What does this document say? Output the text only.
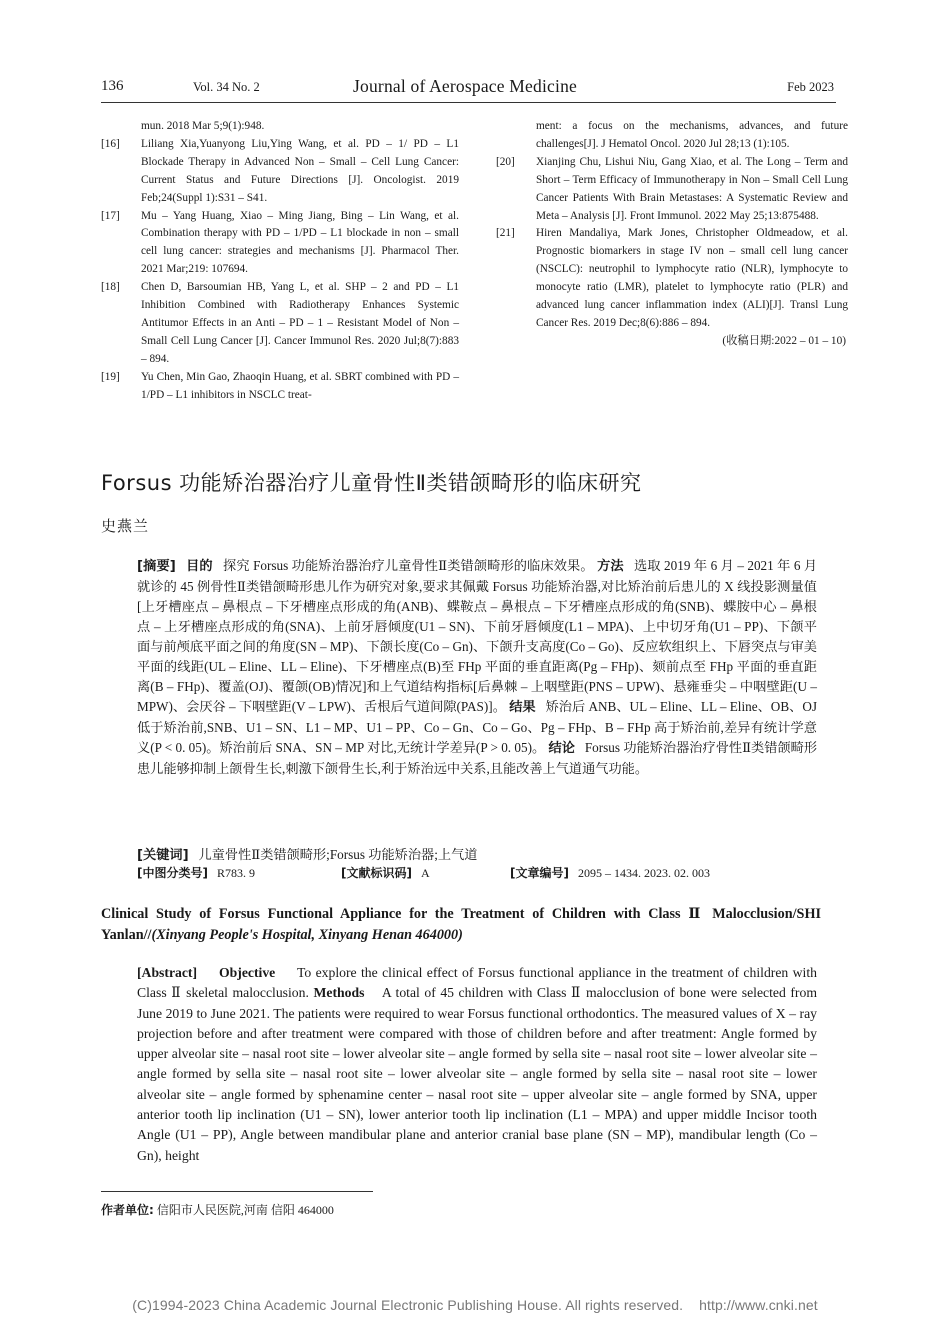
136	Vol. 34 No. 2	Journal of Aerospace Medicine	Feb 2023
mun. 2018 Mar 5;9(1):948.
[16] Liliang Xia,Yuanyong Liu,Ying Wang, et al. PD – 1/ PD – L1 Blockade Therapy in Advanced Non – Small – Cell Lung Cancer: Current Status and Future Directions [J]. Oncologist. 2019 Feb;24(Suppl 1):S31 – S41.
[17] Mu – Yang Huang, Xiao – Ming Jiang, Bing – Lin Wang, et al. Combination therapy with PD – 1/PD – L1 blockade in non – small cell lung cancer: strategies and mechanisms [J]. Pharmacol Ther. 2021 Mar;219: 107694.
[18] Chen D, Barsoumian HB, Yang L, et al. SHP – 2 and PD – L1 Inhibition Combined with Radiotherapy Enhances Systemic Antitumor Effects in an Anti – PD – 1 – Resistant Model of Non – Small Cell Lung Cancer [J]. Cancer Immunol Res. 2020 Jul;8(7):883 – 894.
[19] Yu Chen, Min Gao, Zhaoqin Huang, et al. SBRT combined with PD – 1/PD – L1 inhibitors in NSCLC treat-
ment: a focus on the mechanisms, advances, and future challenges[J]. J Hematol Oncol. 2020 Jul 28;13 (1):105.
[20] Xianjing Chu, Lishui Niu, Gang Xiao, et al. The Long – Term and Short – Term Efficacy of Immunotherapy in Non – Small Cell Lung Cancer Patients With Brain Metastases: A Systematic Review and Meta – Analysis [J]. Front Immunol. 2022 May 25;13:875488.
[21] Hiren Mandaliya, Mark Jones, Christopher Oldmeadow, et al. Prognostic biomarkers in stage IV non – small cell lung cancer (NSCLC): neutrophil to lymphocyte ratio (NLR), lymphocyte to monocyte ratio (LMR), platelet to lymphocyte ratio (PLR) and advanced lung cancer inflammation index (ALI)[J]. Transl Lung Cancer Res. 2019 Dec;8(6):886 – 894.
(收稿日期:2022 – 01 – 10)
Forsus 功能矫治器治疗儿童骨性Ⅱ类错颌畸形的临床研究
史燕兰
[摘要] 目的 探究 Forsus 功能矫治器治疗儿童骨性Ⅱ类错颌畸形的临床效果。 方法 选取 2019 年 6 月 – 2021 年 6 月就诊的 45 例骨性Ⅱ类错颌畸形患儿作为研究对象,要求其佩戴 Forsus 功能矫治器,对比矫治前后患儿的 X 线投影测量值[上牙槽座点 – 鼻根点 – 下牙槽座点形成的角(ANB)、蝶鞍点 – 鼻根点 – 下牙槽座点形成的角(SNB)、蝶胺中心 – 鼻根点 – 上牙槽座点形成的角(SNA)、上前牙唇倾度(U1 – SN)、下前牙唇倾度(L1 – MPA)、上中切牙角(U1 – PP)、下颌平面与前颅底平面之间的角度(SN – MP)、下颌长度(Co – Gn)、下颌升支高度(Co – Go)、反应软组织上、下唇突点与审美平面的线距(UL – Eline、LL – Eline)、下牙槽座点(B)至 FHp 平面的垂直距离(Pg – FHp)、颏前点至 FHp 平面的垂直距离(B – FHp)、覆盖(OJ)、覆颌(OB)情况]和上气道结构指标[后鼻棘 – 上咽壁距(PNS – UPW)、悬雍垂尖 – 中咽壁距(U – MPW)、会厌谷 – 下咽壁距(V – LPW)、舌根后气道间隙(PAS)]。 结果 矫治后 ANB、UL – Eline、LL – Eline、OB、OJ 低于矫治前,SNB、U1 – SN、L1 – MP、U1 – PP、Co – Gn、Co – Go、Pg – FHp、B – FHp 高于矫治前,差异有统计学意义(P < 0. 05)。矫治前后 SNA、SN – MP 对比,无统计学差异(P > 0. 05)。 结论 Forsus 功能矫治器治疗骨性Ⅱ类错颌畸形患儿能够抑制上颌骨生长,刺激下颌骨生长,利于矫治远中关系,且能改善上气道通气功能。
[关键词] 儿童骨性Ⅱ类错颌畸形;Forsus 功能矫治器;上气道
[中图分类号] R783. 9	[文献标识码] A	[文章编号] 2095 – 1434. 2023. 02. 003
Clinical Study of Forsus Functional Appliance for the Treatment of Children with Class Ⅱ Malocclusion/SHI Yanlan//(Xinyang People's Hospital, Xinyang Henan 464000)
[Abstract] Objective To explore the clinical effect of Forsus functional appliance in the treatment of children with Class Ⅱ skeletal malocclusion. Methods A total of 45 children with Class Ⅱ malocclusion of bone were selected from June 2019 to June 2021. The patients were required to wear Forsus functional orthodontics. The measured values of X – ray projection before and after treatment were compared with those of children before and after treatment: Angle formed by upper alveolar site – nasal root site – lower alveolar site – angle formed by sella site – nasal root site – lower alveolar site – angle formed by sella site – nasal root site – lower alveolar site – angle formed by sella site – nasal root site – lower alveolar site – angle formed by sphenamine center – nasal root site – upper alveolar site – angle formed by SNA, upper anterior tooth lip inclination (U1 – SN), lower anterior tooth lip inclination (L1 – MPA) and upper middle Incisor tooth Angle (U1 – PP), Angle between mandibular plane and anterior cranial base plane (SN – MP), mandibular length (Co – Gn), height
作者单位: 信阳市人民医院,河南 信阳 464000
(C)1994-2023 China Academic Journal Electronic Publishing House. All rights reserved. http://www.cnki.net
